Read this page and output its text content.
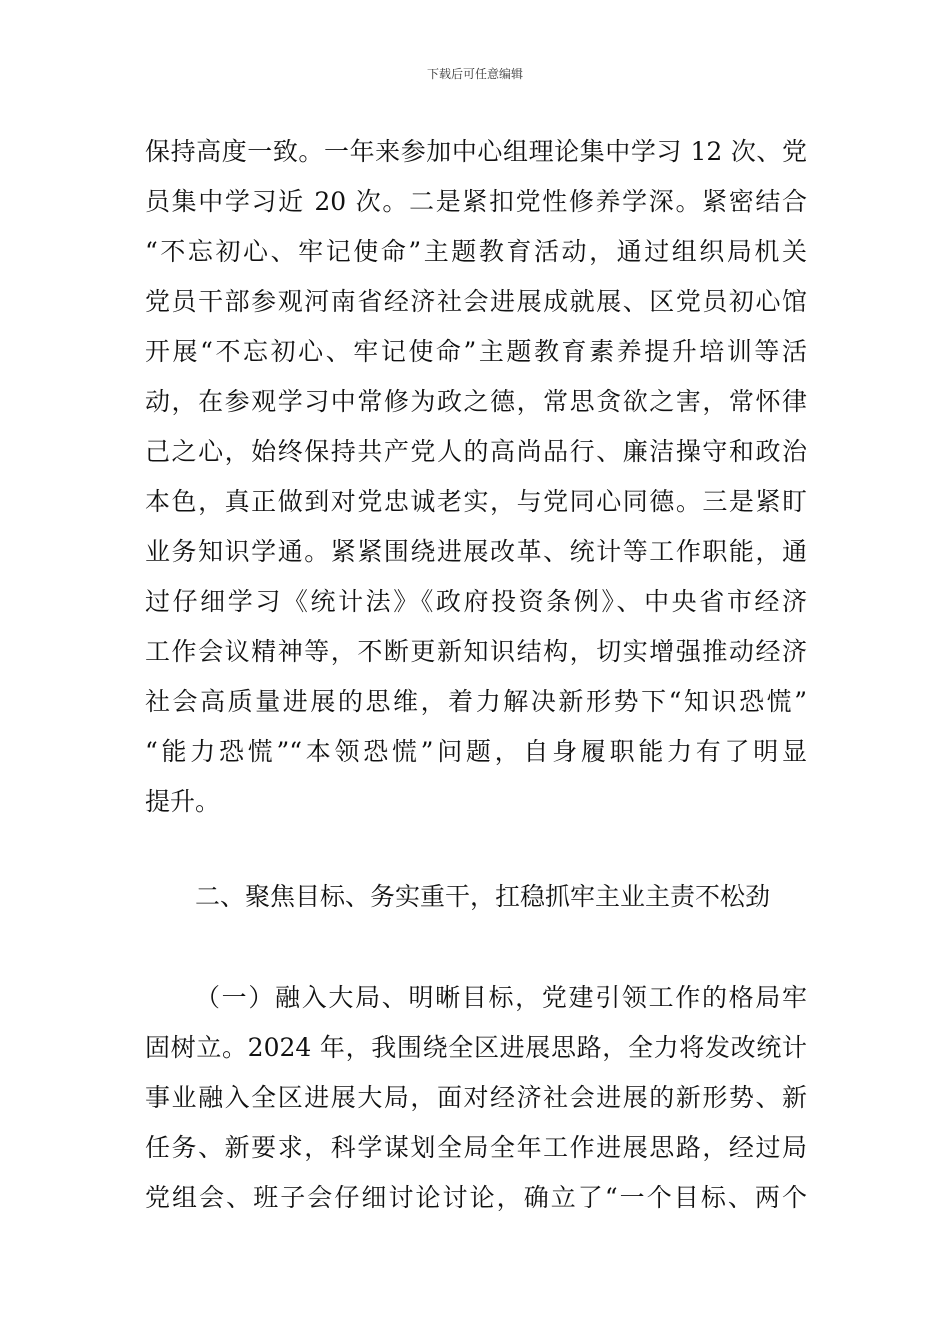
下载后可任意编辑
保持高度一致。一年来参加中心组理论集中学习 12 次、党
员集中学习近 20 次。二是紧扣党性修养学深。紧密结合
“不忘初心、牢记使命”主题教育活动，通过组织局机关
党员干部参观河南省经济社会进展成就展、区党员初心馆
开展“不忘初心、牢记使命”主题教育素养提升培训等活
动，在参观学习中常修为政之德，常思贪欲之害，常怀律
己之心，始终保持共产党人的高尚品行、廉洁操守和政治
本色，真正做到对党忠诚老实，与党同心同德。三是紧盯
业务知识学通。紧紧围绕进展改革、统计等工作职能，通
过仔细学习《统计法》《政府投资条例》、中央省市经济
工作会议精神等，不断更新知识结构，切实增强推动经济
社会高质量进展的思维，着力解决新形势下“知识恐慌”
“能力恐慌”“本领恐慌”问题，自身履职能力有了明显
提升。
二、聚焦目标、务实重干，扛稳抓牢主业主责不松劲
（一）融入大局、明晰目标，党建引领工作的格局牢
固树立。2024 年，我围绕全区进展思路，全力将发改统计
事业融入全区进展大局，面对经济社会进展的新形势、新
任务、新要求，科学谋划全局全年工作进展思路，经过局
党组会、班子会仔细讨论讨论，确立了“一个目标、两个
